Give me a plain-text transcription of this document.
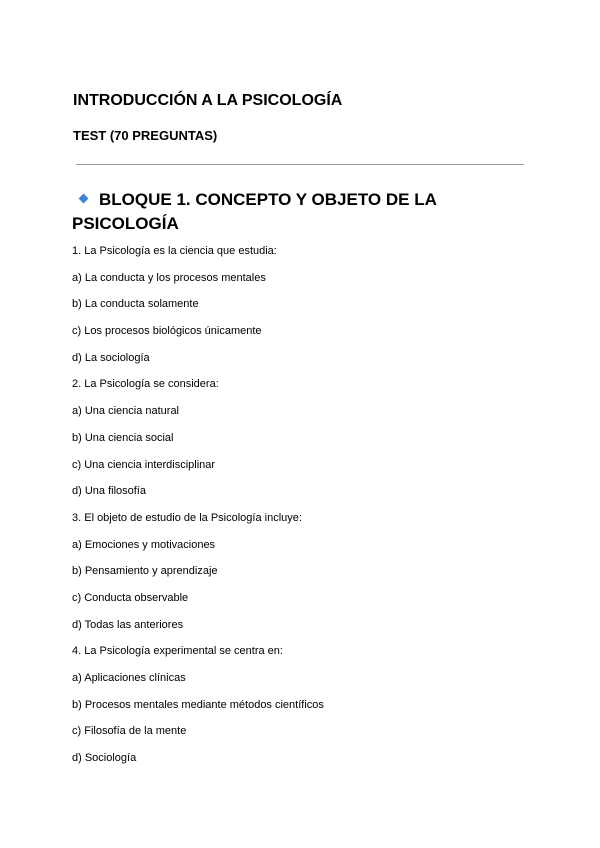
INTRODUCCIÓN A LA PSICOLOGÍA
TEST (70 PREGUNTAS)
BLOQUE 1. CONCEPTO Y OBJETO DE LA PSICOLOGÍA
1. La Psicología es la ciencia que estudia:
a) La conducta y los procesos mentales
b) La conducta solamente
c) Los procesos biológicos únicamente
d) La sociología
2. La Psicología se considera:
a) Una ciencia natural
b) Una ciencia social
c) Una ciencia interdisciplinar
d) Una filosofía
3. El objeto de estudio de la Psicología incluye:
a) Emociones y motivaciones
b) Pensamiento y aprendizaje
c) Conducta observable
d) Todas las anteriores
4. La Psicología experimental se centra en:
a) Aplicaciones clínicas
b) Procesos mentales mediante métodos científicos
c) Filosofía de la mente
d) Sociología
